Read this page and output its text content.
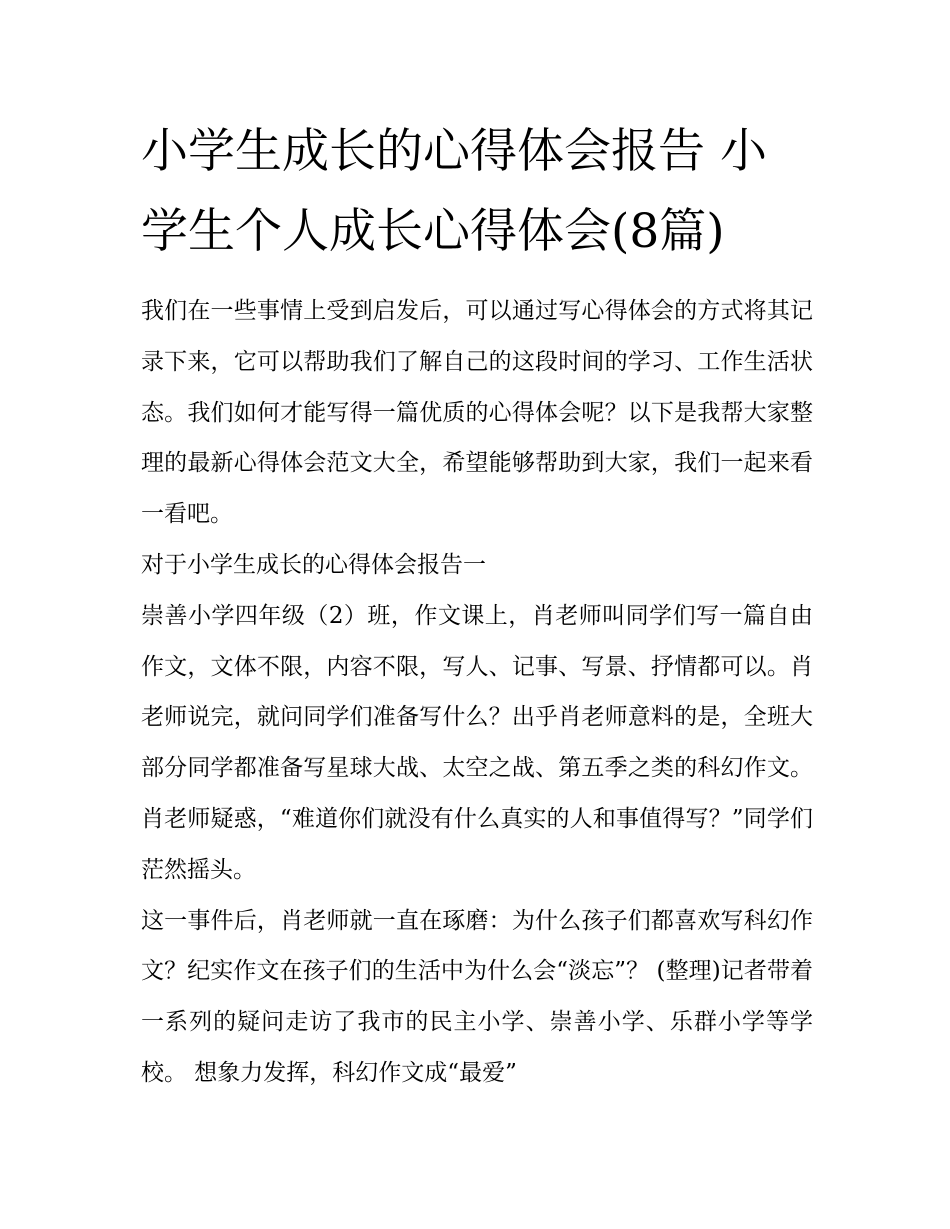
小学生成长的心得体会报告 小学生个人成长心得体会(8篇)

我们在一些事情上受到启发后，可以通过写心得体会的方式将其记录下来，它可以帮助我们了解自己的这段时间的学习、工作生活状态。我们如何才能写得一篇优质的心得体会呢？以下是我帮大家整理的最新心得体会范文大全，希望能够帮助到大家，我们一起来看一看吧。

对于小学生成长的心得体会报告一

崇善小学四年级（2）班，作文课上，肖老师叫同学们写一篇自由作文，文体不限，内容不限，写人、记事、写景、抒情都可以。肖老师说完，就问同学们准备写什么？出乎肖老师意料的是，全班大部分同学都准备写星球大战、太空之战、第五季之类的科幻作文。肖老师疑惑，“难道你们就没有什么真实的人和事值得写？”同学们茫然摇头。

这一事件后，肖老师就一直在琢磨：为什么孩子们都喜欢写科幻作文？纪实作文在孩子们的生活中为什么会“淡忘”？ (整理)记者带着一系列的疑问走访了我市的民主小学、崇善小学、乐群小学等学校。 想象力发挥，科幻作文成“最爱”
